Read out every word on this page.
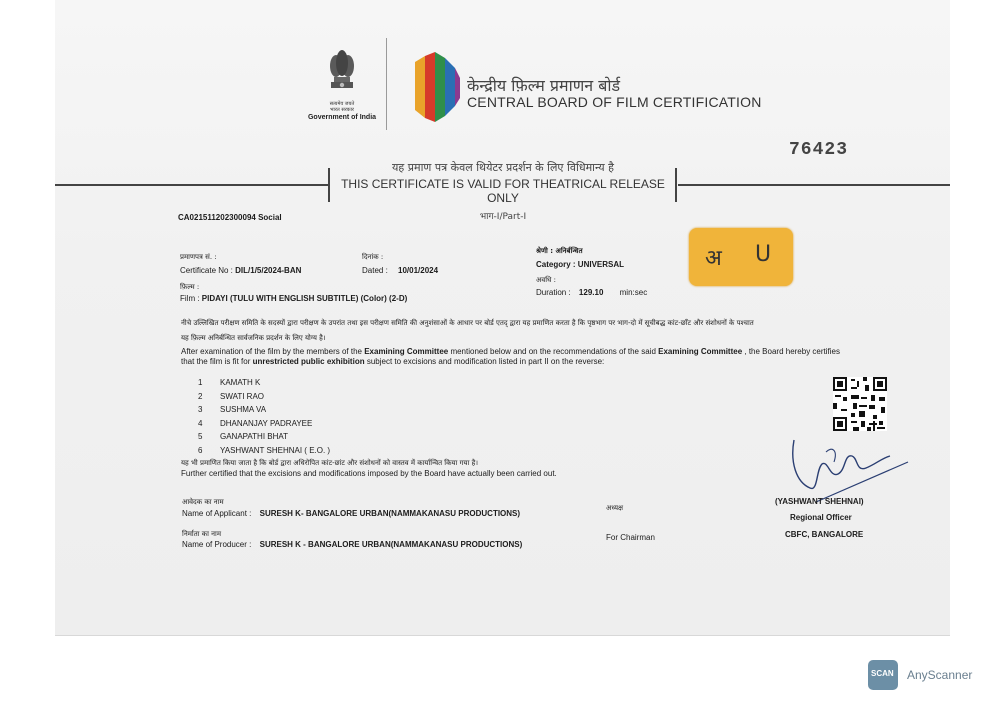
सत्यमेव जयते
भारत सरकार
Government of India
केन्द्रीय फ़िल्म प्रमाणन बोर्ड
CENTRAL BOARD OF FILM CERTIFICATION
76423
यह प्रमाण पत्र केवल थियेटर प्रदर्शन के लिए विधिमान्य है
THIS CERTIFICATE IS VALID FOR THEATRICAL RELEASE ONLY
भाग-I/Part-I
CA021511202300094 Social
प्रमाणपत्र सं. :
Certificate No : DIL/1/5/2024-BAN
दिनांक :
Dated : 10/01/2024
श्रेणी : अनिर्बन्धित
Category : UNIVERSAL
अवधि :
Duration : 129.10 min:sec
फ़िल्म :
Film : PIDAYI (TULU WITH ENGLISH SUBTITLE) (Color) (2-D)
अ U
नीचे उल्लिखित परीक्षण समिति के सदस्यों द्वारा परीक्षण के उपरांत तथा इस परीक्षण समिति की अनुशंसाओं के आधार पर बोर्ड एतद् द्वारा यह प्रमाणित करता है कि पृष्ठभाग पर भाग-दो में सूचीबद्ध कांट-छाँट और संशोधनों के पश्चात
यह फ़िल्म अनिर्बन्धित सार्वजनिक प्रदर्शन के लिए योग्य है।
After examination of the film by the members of the Examining Committee mentioned below and on the recommendations of the said Examining Committee , the Board hereby certifies
that the film is fit for unrestricted public exhibition subject to excisions and modification listed in part II on the reverse:
1 KAMATH K
2 SWATI RAO
3 SUSHMA VA
4 DHANANJAY PADRAYEE
5 GANAPATHI BHAT
6 YASHWANT SHEHNAI ( E.O. )
यह भी प्रमाणित किया जाता है कि बोर्ड द्वारा अधिरोपित कांट-छांट और संशोधनों को वास्तव में कार्यान्वित किया गया है।
Further certified that the excisions and modifications imposed by the Board have actually been carried out.
आवेदक का नाम
Name of Applicant : SURESH K- BANGALORE URBAN(NAMMAKANASU PRODUCTIONS)
निर्माता का नाम
Name of Producer : SURESH K - BANGALORE URBAN(NAMMAKANASU PRODUCTIONS)
अध्यक्ष
For Chairman
(YASHWANT SHEHNAI)
Regional Officer
CBFC, BANGALORE
SCAN AnyScanner
